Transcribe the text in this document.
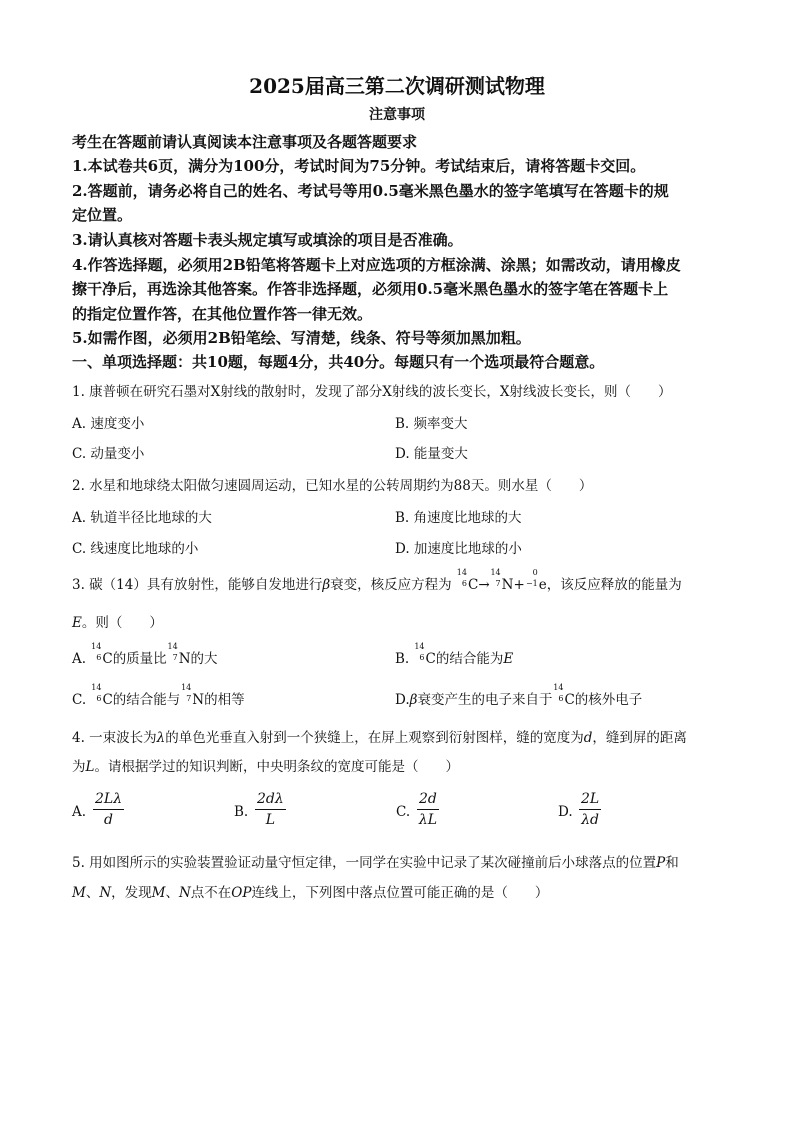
2025届高三第二次调研测试物理
注意事项
考生在答题前请认真阅读本注意事项及各题答题要求
1.本试卷共6页，满分为100分，考试时间为75分钟。考试结束后，请将答题卡交回。
2.答题前，请务必将自己的姓名、考试号等用0.5毫米黑色墨水的签字笔填写在答题卡的规
定位置。
3.请认真核对答题卡表头规定填写或填涂的项目是否准确。
4.作答选择题，必须用2B铅笔将答题卡上对应选项的方框涂满、涂黑；如需改动，请用橡皮
擦干净后，再选涂其他答案。作答非选择题，必须用0.5毫米黑色墨水的签字笔在答题卡上
的指定位置作答，在其他位置作答一律无效。
5.如需作图，必须用2B铅笔绘、写清楚，线条、符号等须加黑加粗。
一、单项选择题：共10题，每题4分，共40分。每题只有一个选项最符合题意。
1. 康普顿在研究石墨对X射线的散射时，发现了部分X射线的波长变长，X射线波长变长，则（　　）
A. 速度变小	B. 频率变大
C. 动量变小	D. 能量变大
2. 水星和地球绕太阳做匀速圆周运动，已知水星的公转周期约为88天。则水星（　　）
A. 轨道半径比地球的大	B. 角速度比地球的大
C. 线速度比地球的小	D. 加速度比地球的小
3. 碳（14）具有放射性，能够自发地进行β衰变，核反应方程为
14
6 C→
14
7 N+
0
−1 e，该反应释放的能量为
E。则（　　）
A.
14
6 C的质量比
14
7 N的大	B.
14
6 C的结合能为E
C.
14
6 C的结合能与
14
7 N的相等	D.β衰变产生的电子来自于
14
6 C的核外电子
4. 一束波长为λ的单色光垂直入射到一个狭缝上，在屏上观察到衍射图样，缝的宽度为d，缝到屏的距离
为L。请根据学过的知识判断，中央明条纹的宽度可能是（　　）
A. $\frac{2L\lambda}{d}$	B. $\frac{2d\lambda}{L}$	C. $\frac{2d}{\lambda L}$	D. $\frac{2L}{\lambda d}$
5. 用如图所示的实验装置验证动量守恒定律，一同学在实验中记录了某次碰撞前后小球落点的位置P和
M、N，发现M、N点不在OP连线上，下列图中落点位置可能正确的是（　　）
